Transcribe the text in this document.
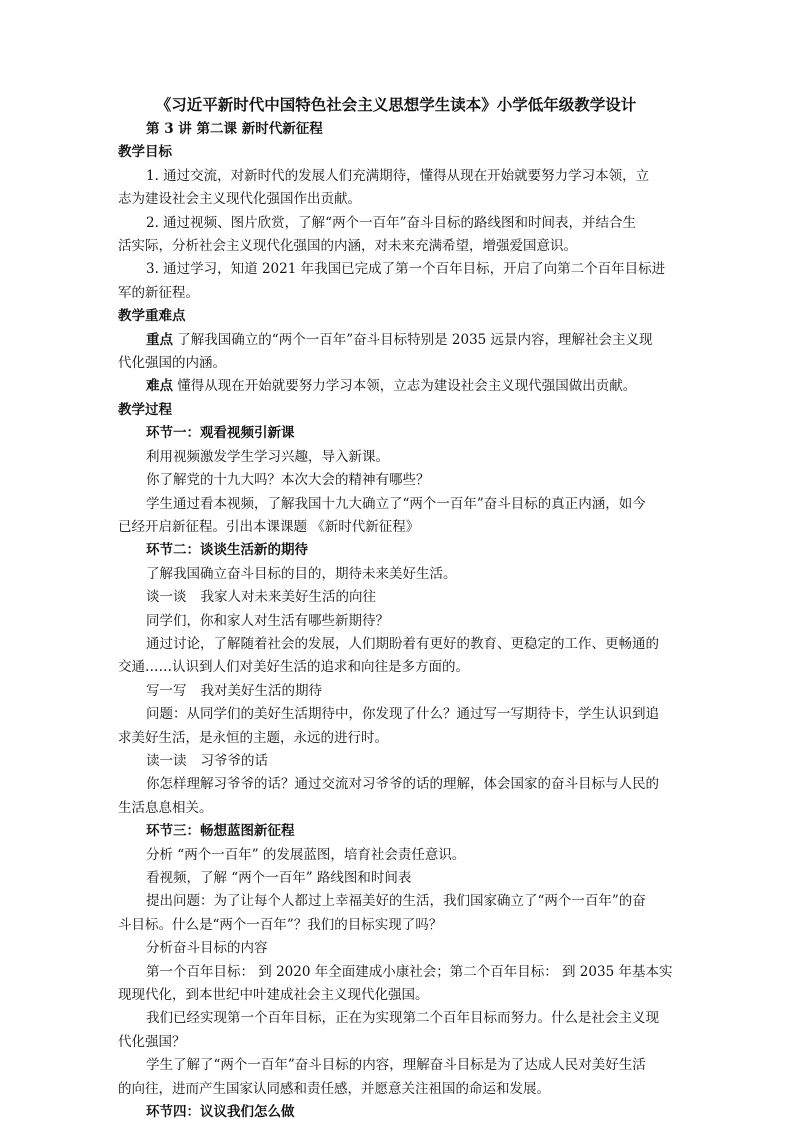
《习近平新时代中国特色社会主义思想学生读本》小学低年级教学设计

第 3 讲 第二课 新时代新征程

教学目标

1. 通过交流，对新时代的发展人们充满期待，懂得从现在开始就要努力学习本领，立

志为建设社会主义现代化强国作出贡献。

2. 通过视频、图片欣赏，了解“两个一百年”奋斗目标的路线图和时间表，并结合生

活实际，分析社会主义现代化强国的内涵，对未来充满希望，增强爱国意识。

3. 通过学习，知道 2021 年我国已完成了第一个百年目标，开启了向第二个百年目标进

军的新征程。

教学重难点

重点 了解我国确立的“两个一百年”奋斗目标特别是 2035 远景内容，理解社会主义现

代化强国的内涵。

难点 懂得从现在开始就要努力学习本领，立志为建设社会主义现代强国做出贡献。

教学过程

环节一：观看视频引新课

利用视频激发学生学习兴趣，导入新课。

你了解党的十九大吗？本次大会的精神有哪些？

学生通过看本视频，了解我国十九大确立了“两个一百年”奋斗目标的真正内涵，如今

已经开启新征程。引出本课课题 《新时代新征程》

环节二：谈谈生活新的期待

了解我国确立奋斗目标的目的，期待未来美好生活。

谈一谈 我家人对未来美好生活的向往

同学们，你和家人对生活有哪些新期待？

通过讨论，了解随着社会的发展，人们期盼着有更好的教育、更稳定的工作、更畅通的

交通……认识到人们对美好生活的追求和向往是多方面的。

写一写 我对美好生活的期待

问题：从同学们的美好生活期待中，你发现了什么？通过写一写期待卡，学生认识到追

求美好生活，是永恒的主题，永远的进行时。

读一读 习爷爷的话

你怎样理解习爷爷的话？通过交流对习爷爷的话的理解，体会国家的奋斗目标与人民的

生活息息相关。

环节三：畅想蓝图新征程

分析 “两个一百年” 的发展蓝图，培育社会责任意识。

看视频，了解 “两个一百年” 路线图和时间表

提出问题：为了让每个人都过上幸福美好的生活，我们国家确立了“两个一百年”的奋

斗目标。什么是“两个一百年”？我们的目标实现了吗？

分析奋斗目标的内容

第一个百年目标： 到 2020 年全面建成小康社会；第二个百年目标： 到 2035 年基本实

现现代化，到本世纪中叶建成社会主义现代化强国。

我们已经实现第一个百年目标，正在为实现第二个百年目标而努力。什么是社会主义现

代化强国？

学生了解了“两个一百年”奋斗目标的内容，理解奋斗目标是为了达成人民对美好生活

的向往，进而产生国家认同感和责任感，并愿意关注祖国的命运和发展。

环节四：议议我们怎么做
